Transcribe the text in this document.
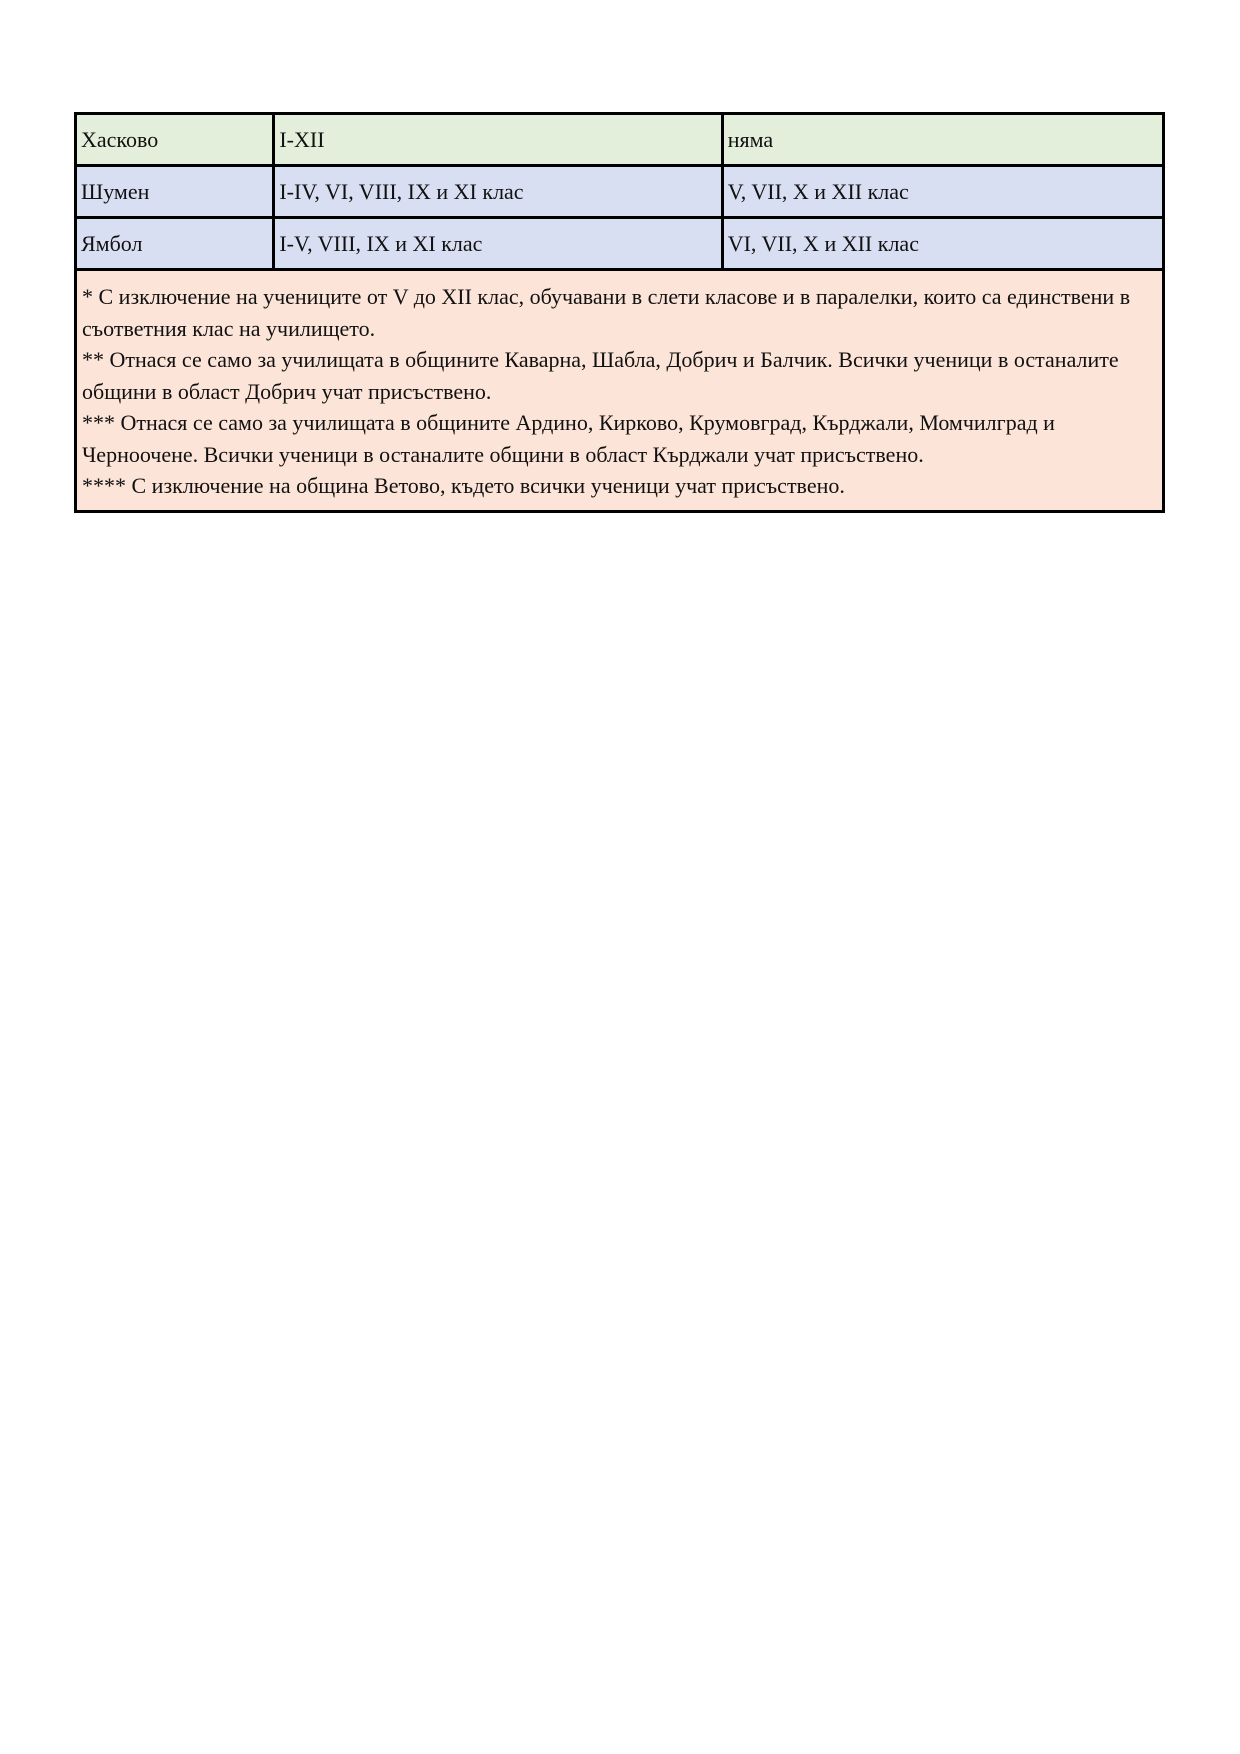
Хасково	I-XII	няма
Шумен	I-IV, VI, VIII, IX и XI клас	V, VII, X и XII клас
Ямбол	I-V, VIII, IX и XI клас	VI, VII, X и XII клас

* С изключение на учениците от V до XII клас, обучавани в слети класове и в паралелки, които са единствени в съответния клас на училището.
** Отнася се само за училищата в общините Каварна, Шабла, Добрич и Балчик. Всички ученици в останалите общини в област Добрич учат присъствено.
*** Отнася се само за училищата в общините Ардино, Кирково, Крумовград, Кърджали, Момчилград и Черноочене. Всички ученици в останалите общини в област Кърджали учат присъствено.
**** С изключение на община Ветово, където всички ученици учат присъствено.		
